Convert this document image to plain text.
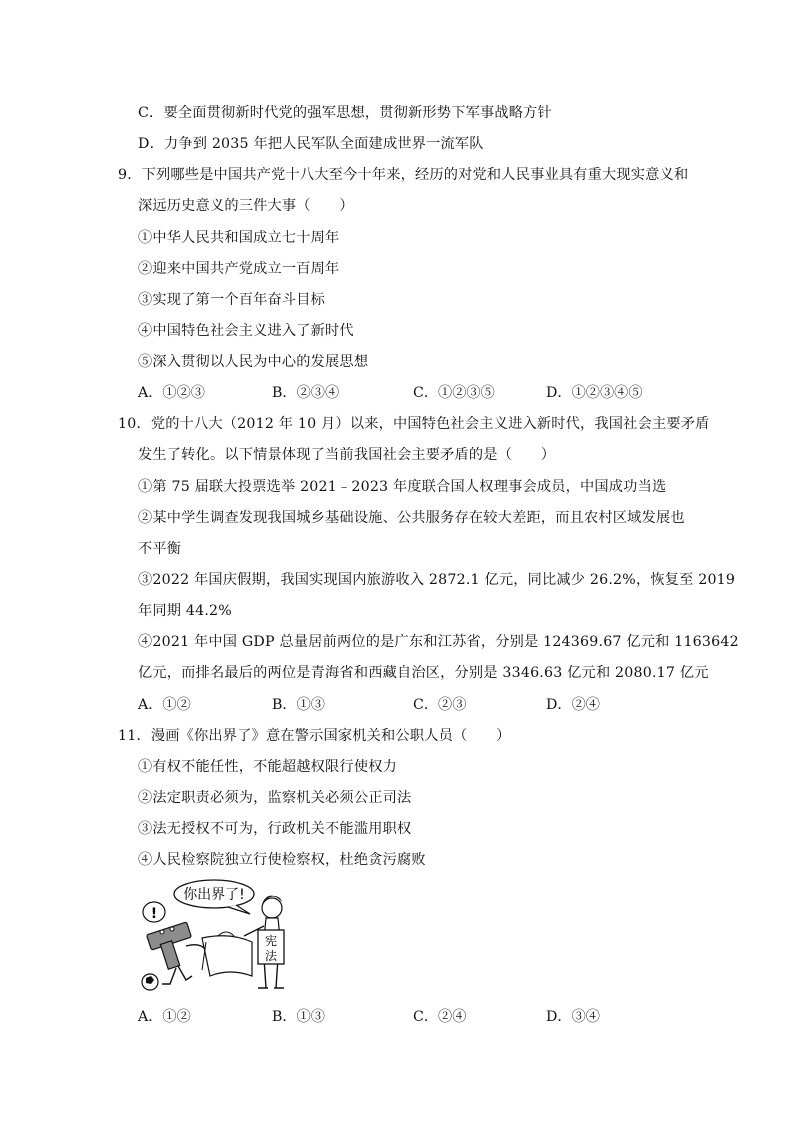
C．要全面贯彻新时代党的强军思想，贯彻新形势下军事战略方针
D．力争到 2035 年把人民军队全面建成世界一流军队
9．下列哪些是中国共产党十八大至今十年来，经历的对党和人民事业具有重大现实意义和
深远历史意义的三件大事（　　）
①中华人民共和国成立七十周年
②迎来中国共产党成立一百周年
③实现了第一个百年奋斗目标
④中国特色社会主义进入了新时代
⑤深入贯彻以人民为中心的发展思想
A．①②③	B．②③④	C．①②③⑤	D．①②③④⑤
10．党的十八大（2012 年 10 月）以来，中国特色社会主义进入新时代，我国社会主要矛盾
发生了转化。以下情景体现了当前我国社会主要矛盾的是（　　）
①第 75 届联大投票选举 2021﹣2023 年度联合国人权理事会成员，中国成功当选
②某中学生调查发现我国城乡基础设施、公共服务存在较大差距，而且农村区域发展也
不平衡
③2022 年国庆假期，我国实现国内旅游收入 2872.1 亿元，同比减少 26.2%，恢复至 2019
年同期 44.2%
④2021 年中国 GDP 总量居前两位的是广东和江苏省，分别是 124369.67 亿元和 1163642
亿元，而排名最后的两位是青海省和西藏自治区，分别是 3346.63 亿元和 2080.17 亿元
A．①②	B．①③	C．②③	D．②④
11．漫画《你出界了》意在警示国家机关和公职人员（　　）
①有权不能任性，不能超越权限行使权力
②法定职责必须为，监察机关必须公正司法
③法无授权不可为，行政机关不能滥用职权
④人民检察院独立行使检察权，杜绝贪污腐败
你出界了!
!
宪
法
A．①②	B．①③	C．②④	D．③④
